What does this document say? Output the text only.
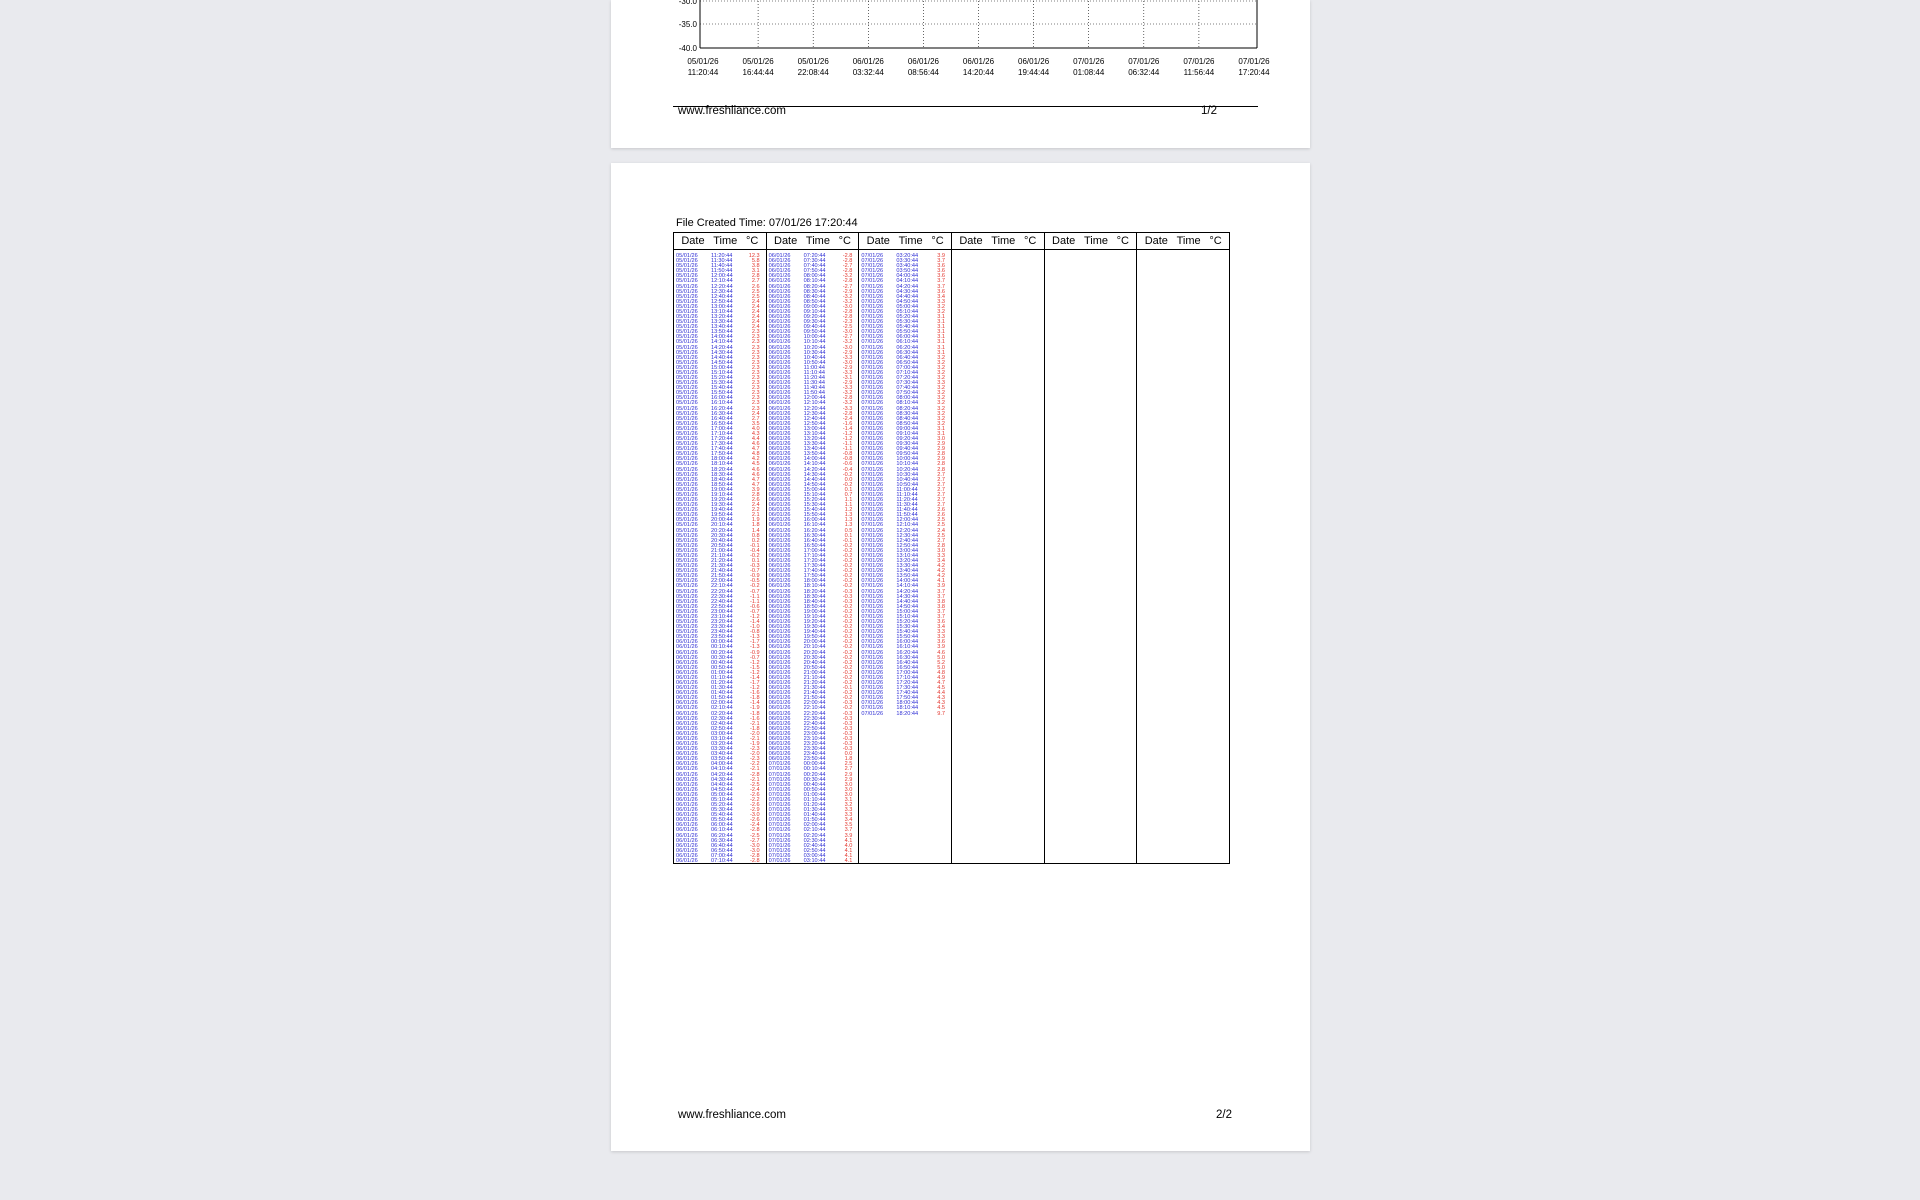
-30.0
-35.0
-40.0
05/01/26
11:20:44
05/01/26
16:44:44
05/01/26
22:08:44
06/01/26
03:32:44
06/01/26
08:56:44
06/01/26
14:20:44
06/01/26
19:44:44
07/01/26
01:08:44
07/01/26
06:32:44
07/01/26
11:56:44
07/01/26
17:20:44
www.freshliance.com	1/2
File Created Time: 07/01/26 17:20:44
Date Time °C
05/01/26 11:20:44	12.3
05/01/26 11:30:44	5.8
05/01/26 11:40:44	3.8
05/01/26 11:50:44	3.1
05/01/26 12:00:44	2.8
05/01/26 12:10:44	2.7
05/01/26 12:20:44	2.6
05/01/26 12:30:44	2.5
05/01/26 12:40:44	2.5
05/01/26 12:50:44	2.4
05/01/26 13:00:44	2.4
05/01/26 13:10:44	2.4
05/01/26 13:20:44	2.4
05/01/26 13:30:44	2.4
05/01/26 13:40:44	2.4
05/01/26 13:50:44	2.3
05/01/26 14:00:44	2.3
05/01/26 14:10:44	2.3
05/01/26 14:20:44	2.3
05/01/26 14:30:44	2.3
05/01/26 14:40:44	2.3
05/01/26 14:50:44	2.3
05/01/26 15:00:44	2.3
05/01/26 15:10:44	2.3
05/01/26 15:20:44	2.3
05/01/26 15:30:44	2.3
05/01/26 15:40:44	2.3
05/01/26 15:50:44	2.3
05/01/26 16:00:44	2.3
05/01/26 16:10:44	2.3
05/01/26 16:20:44	2.3
05/01/26 16:30:44	2.4
05/01/26 16:40:44	2.7
05/01/26 16:50:44	3.5
05/01/26 17:00:44	4.0
05/01/26 17:10:44	4.3
05/01/26 17:20:44	4.4
05/01/26 17:30:44	4.6
05/01/26 17:40:44	4.7
05/01/26 17:50:44	4.8
05/01/26 18:00:44	4.2
05/01/26 18:10:44	4.5
05/01/26 18:20:44	4.6
05/01/26 18:30:44	4.6
05/01/26 18:40:44	4.7
05/01/26 18:50:44	4.7
05/01/26 19:00:44	3.9
05/01/26 19:10:44	2.8
05/01/26 19:20:44	2.6
05/01/26 19:30:44	2.4
05/01/26 19:40:44	2.2
05/01/26 19:50:44	2.1
05/01/26 20:00:44	1.9
05/01/26 20:10:44	1.8
05/01/26 20:20:44	1.4
05/01/26 20:30:44	0.8
05/01/26 20:40:44	0.2
05/01/26 20:50:44	-0.1
05/01/26 21:00:44	-0.4
05/01/26 21:10:44	-0.2
05/01/26 21:20:44	0.1
05/01/26 21:30:44	-0.3
05/01/26 21:40:44	-0.7
05/01/26 21:50:44	-0.9
05/01/26 22:00:44	-0.5
05/01/26 22:10:44	-0.2
05/01/26 22:20:44	-0.7
05/01/26 22:30:44	-1.1
05/01/26 22:40:44	-1.1
05/01/26 22:50:44	-0.6
05/01/26 23:00:44	-0.7
05/01/26 23:10:44	-1.2
05/01/26 23:20:44	-1.4
05/01/26 23:30:44	-1.0
05/01/26 23:40:44	-0.8
05/01/26 23:50:44	-1.3
06/01/26 00:00:44	-1.7
06/01/26 00:10:44	-1.3
06/01/26 00:20:44	-0.9
06/01/26 00:30:44	-0.7
06/01/26 00:40:44	-1.2
06/01/26 00:50:44	-1.5
06/01/26 01:00:44	-1.2
06/01/26 01:10:44	-1.4
06/01/26 01:20:44	-1.7
06/01/26 01:30:44	-1.2
06/01/26 01:40:44	-1.6
06/01/26 01:50:44	-1.8
06/01/26 02:00:44	-1.4
06/01/26 02:10:44	-1.9
06/01/26 02:20:44	-1.8
06/01/26 02:30:44	-1.6
06/01/26 02:40:44	-2.1
06/01/26 02:50:44	-1.8
06/01/26 03:00:44	-2.0
06/01/26 03:10:44	-2.1
06/01/26 03:20:44	-1.9
06/01/26 03:30:44	-2.3
06/01/26 03:40:44	-2.0
06/01/26 03:50:44	-2.3
06/01/26 04:00:44	-2.2
06/01/26 04:10:44	-2.1
06/01/26 04:20:44	-2.8
06/01/26 04:30:44	-2.1
06/01/26 04:40:44	-2.5
06/01/26 04:50:44	-2.4
06/01/26 05:00:44	-2.6
06/01/26 05:10:44	-2.2
06/01/26 05:20:44	-2.6
06/01/26 05:30:44	-2.9
06/01/26 05:40:44	-3.0
06/01/26 05:50:44	-2.6
06/01/26 06:00:44	-2.4
06/01/26 06:10:44	-2.8
06/01/26 06:20:44	-2.5
06/01/26 06:30:44	-2.7
06/01/26 06:40:44	-3.0
06/01/26 06:50:44	-3.0
06/01/26 07:00:44	-2.8
06/01/26 07:10:44	-2.8
Date Time °C
06/01/26 07:20:44	-2.8
06/01/26 07:30:44	-2.8
06/01/26 07:40:44	-2.7
06/01/26 07:50:44	-2.8
06/01/26 08:00:44	-3.2
06/01/26 08:10:44	-2.8
06/01/26 08:20:44	-2.7
06/01/26 08:30:44	-2.9
06/01/26 08:40:44	-3.2
06/01/26 08:50:44	-3.2
06/01/26 09:00:44	-3.0
06/01/26 09:10:44	-2.8
06/01/26 09:20:44	-2.8
06/01/26 09:30:44	-2.3
06/01/26 09:40:44	-2.5
06/01/26 09:50:44	-3.0
06/01/26 10:00:44	-2.7
06/01/26 10:10:44	-3.2
06/01/26 10:20:44	-3.0
06/01/26 10:30:44	-2.9
06/01/26 10:40:44	-3.3
06/01/26 10:50:44	-3.0
06/01/26 11:00:44	-2.9
06/01/26 11:10:44	-3.3
06/01/26 11:20:44	-3.1
06/01/26 11:30:44	-2.9
06/01/26 11:40:44	-3.3
06/01/26 11:50:44	-3.2
06/01/26 12:00:44	-2.8
06/01/26 12:10:44	-3.2
06/01/26 12:20:44	-3.3
06/01/26 12:30:44	-2.8
06/01/26 12:40:44	-2.4
06/01/26 12:50:44	-1.6
06/01/26 13:00:44	-1.4
06/01/26 13:10:44	-1.2
06/01/26 13:20:44	-1.2
06/01/26 13:30:44	-1.1
06/01/26 13:40:44	-1.1
06/01/26 13:50:44	-0.8
06/01/26 14:00:44	-0.8
06/01/26 14:10:44	-0.6
06/01/26 14:20:44	-0.4
06/01/26 14:30:44	-0.2
06/01/26 14:40:44	0.0
06/01/26 14:50:44	-0.2
06/01/26 15:00:44	0.1
06/01/26 15:10:44	0.7
06/01/26 15:20:44	1.1
06/01/26 15:30:44	1.1
06/01/26 15:40:44	1.2
06/01/26 15:50:44	1.3
06/01/26 16:00:44	1.3
06/01/26 16:10:44	1.3
06/01/26 16:20:44	0.5
06/01/26 16:30:44	0.1
06/01/26 16:40:44	-0.1
06/01/26 16:50:44	-0.2
06/01/26 17:00:44	-0.2
06/01/26 17:10:44	-0.2
06/01/26 17:20:44	-0.2
06/01/26 17:30:44	-0.2
06/01/26 17:40:44	-0.2
06/01/26 17:50:44	-0.2
06/01/26 18:00:44	-0.2
06/01/26 18:10:44	-0.2
06/01/26 18:20:44	-0.3
06/01/26 18:30:44	-0.3
06/01/26 18:40:44	-0.3
06/01/26 18:50:44	-0.2
06/01/26 19:00:44	-0.2
06/01/26 19:10:44	-0.2
06/01/26 19:20:44	-0.2
06/01/26 19:30:44	-0.2
06/01/26 19:40:44	-0.2
06/01/26 19:50:44	-0.2
06/01/26 20:00:44	-0.2
06/01/26 20:10:44	-0.2
06/01/26 20:20:44	-0.2
06/01/26 20:30:44	-0.2
06/01/26 20:40:44	-0.2
06/01/26 20:50:44	-0.2
06/01/26 21:00:44	-0.2
06/01/26 21:10:44	-0.2
06/01/26 21:20:44	-0.2
06/01/26 21:30:44	-0.1
06/01/26 21:40:44	-0.2
06/01/26 21:50:44	-0.2
06/01/26 22:00:44	-0.3
06/01/26 22:10:44	-0.2
06/01/26 22:20:44	-0.3
06/01/26 22:30:44	-0.3
06/01/26 22:40:44	-0.3
06/01/26 22:50:44	-0.3
06/01/26 23:00:44	-0.3
06/01/26 23:10:44	-0.3
06/01/26 23:20:44	-0.3
06/01/26 23:30:44	-0.3
06/01/26 23:40:44	0.0
06/01/26 23:50:44	1.8
07/01/26 00:00:44	2.5
07/01/26 00:10:44	2.7
07/01/26 00:20:44	2.9
07/01/26 00:30:44	2.9
07/01/26 00:40:44	3.0
07/01/26 00:50:44	3.0
07/01/26 01:00:44	3.0
07/01/26 01:10:44	3.1
07/01/26 01:20:44	3.2
07/01/26 01:30:44	3.3
07/01/26 01:40:44	3.3
07/01/26 01:50:44	3.4
07/01/26 02:00:44	3.5
07/01/26 02:10:44	3.7
07/01/26 02:20:44	3.9
07/01/26 02:30:44	4.1
07/01/26 02:40:44	4.0
07/01/26 02:50:44	4.1
07/01/26 03:00:44	4.1
07/01/26 03:10:44	4.1
Date Time °C
07/01/26 03:20:44	3.9
07/01/26 03:30:44	3.7
07/01/26 03:40:44	3.6
07/01/26 03:50:44	3.6
07/01/26 04:00:44	3.6
07/01/26 04:10:44	3.7
07/01/26 04:20:44	3.7
07/01/26 04:30:44	3.6
07/01/26 04:40:44	3.4
07/01/26 04:50:44	3.3
07/01/26 05:00:44	3.2
07/01/26 05:10:44	3.2
07/01/26 05:20:44	3.1
07/01/26 05:30:44	3.1
07/01/26 05:40:44	3.1
07/01/26 05:50:44	3.1
07/01/26 06:00:44	3.1
07/01/26 06:10:44	3.1
07/01/26 06:20:44	3.1
07/01/26 06:30:44	3.1
07/01/26 06:40:44	3.2
07/01/26 06:50:44	3.2
07/01/26 07:00:44	3.2
07/01/26 07:10:44	3.2
07/01/26 07:20:44	3.2
07/01/26 07:30:44	3.3
07/01/26 07:40:44	3.2
07/01/26 07:50:44	3.2
07/01/26 08:00:44	3.2
07/01/26 08:10:44	3.2
07/01/26 08:20:44	3.2
07/01/26 08:30:44	3.2
07/01/26 08:40:44	3.2
07/01/26 08:50:44	3.2
07/01/26 09:00:44	3.1
07/01/26 09:10:44	3.1
07/01/26 09:20:44	3.0
07/01/26 09:30:44	2.9
07/01/26 09:40:44	2.9
07/01/26 09:50:44	2.8
07/01/26 10:00:44	2.9
07/01/26 10:10:44	2.8
07/01/26 10:20:44	2.8
07/01/26 10:30:44	2.7
07/01/26 10:40:44	2.7
07/01/26 10:50:44	2.7
07/01/26 11:00:44	2.7
07/01/26 11:10:44	2.7
07/01/26 11:20:44	2.7
07/01/26 11:30:44	2.7
07/01/26 11:40:44	2.6
07/01/26 11:50:44	2.6
07/01/26 12:00:44	2.5
07/01/26 12:10:44	2.5
07/01/26 12:20:44	2.4
07/01/26 12:30:44	2.5
07/01/26 12:40:44	2.7
07/01/26 12:50:44	2.8
07/01/26 13:00:44	3.0
07/01/26 13:10:44	3.3
07/01/26 13:20:44	3.4
07/01/26 13:30:44	4.2
07/01/26 13:40:44	4.2
07/01/26 13:50:44	4.2
07/01/26 14:00:44	4.1
07/01/26 14:10:44	3.9
07/01/26 14:20:44	3.7
07/01/26 14:30:44	3.7
07/01/26 14:40:44	3.8
07/01/26 14:50:44	3.8
07/01/26 15:00:44	3.7
07/01/26 15:10:44	3.7
07/01/26 15:20:44	3.6
07/01/26 15:30:44	3.4
07/01/26 15:40:44	3.3
07/01/26 15:50:44	3.3
07/01/26 16:00:44	3.6
07/01/26 16:10:44	3.9
07/01/26 16:20:44	4.6
07/01/26 16:30:44	5.0
07/01/26 16:40:44	5.2
07/01/26 16:50:44	5.0
07/01/26 17:00:44	4.8
07/01/26 17:10:44	4.9
07/01/26 17:20:44	4.7
07/01/26 17:30:44	4.5
07/01/26 17:40:44	4.4
07/01/26 17:50:44	4.3
07/01/26 18:00:44	4.3
07/01/26 18:10:44	4.5
07/01/26 18:20:44	9.7
Date Time °C Date Time °C Date Time °C
www.freshliance.com	2/2
